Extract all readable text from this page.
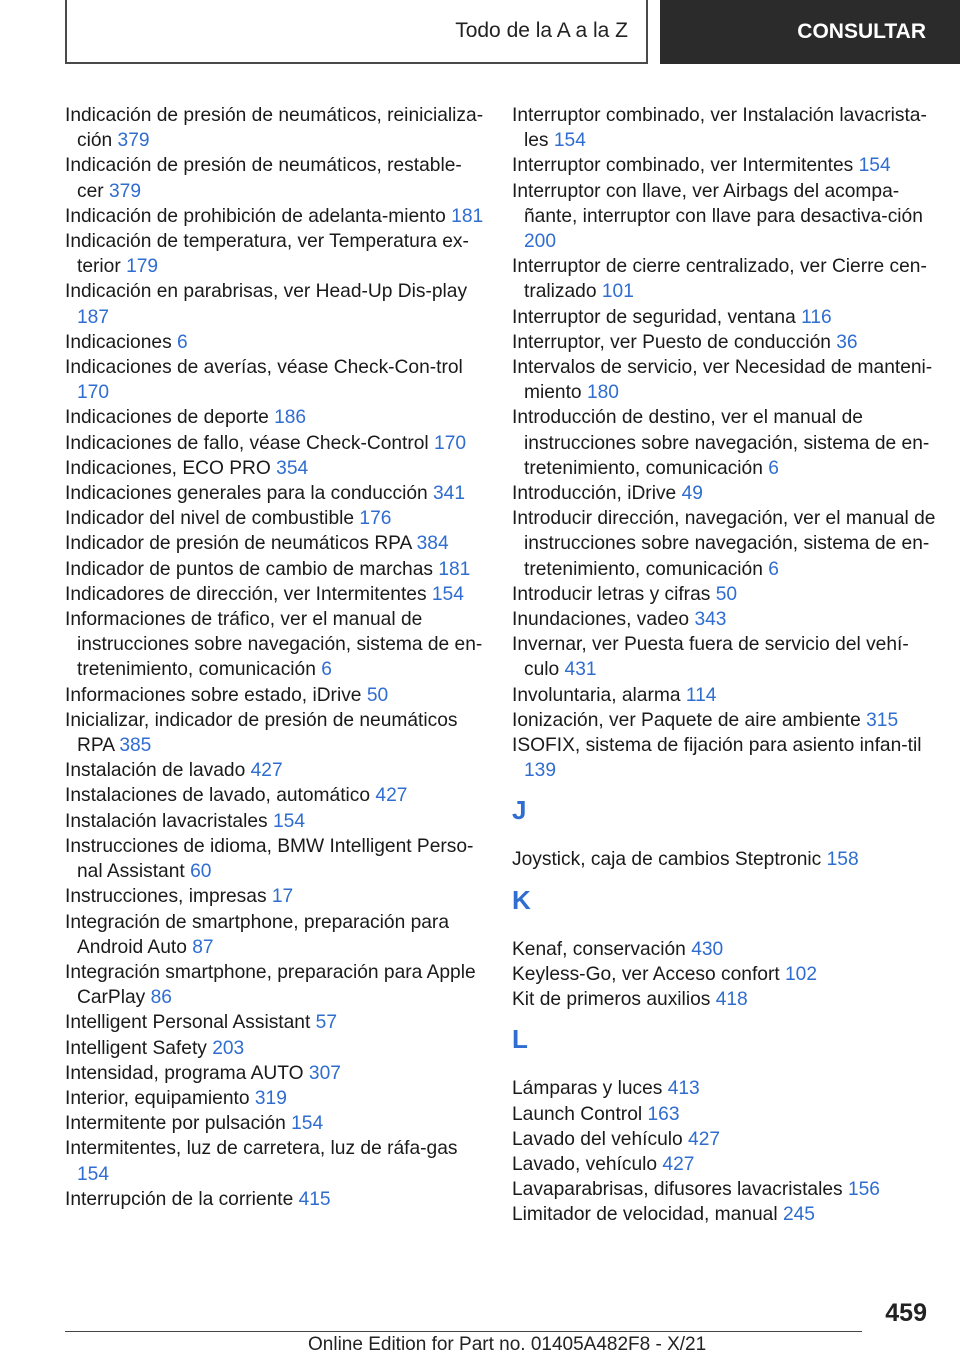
Todo de la A a la Z	CONSULTAR
Indicación de presión de neumáticos, reinicializa-ción 379
Indicación de presión de neumáticos, restable-cer 379
Indicación de prohibición de adelanta-miento 181
Indicación de temperatura, ver Temperatura ex-terior 179
Indicación en parabrisas, ver Head-Up Dis-play 187
Indicaciones 6
Indicaciones de averías, véase Check-Con-trol 170
Indicaciones de deporte 186
Indicaciones de fallo, véase Check-Control 170
Indicaciones, ECO PRO 354
Indicaciones generales para la conducción 341
Indicador del nivel de combustible 176
Indicador de presión de neumáticos RPA 384
Indicador de puntos de cambio de marchas 181
Indicadores de dirección, ver Intermitentes 154
Informaciones de tráfico, ver el manual de instrucciones sobre navegación, sistema de en-tretenimiento, comunicación 6
Informaciones sobre estado, iDrive 50
Inicializar, indicador de presión de neumáticos RPA 385
Instalación de lavado 427
Instalaciones de lavado, automático 427
Instalación lavacristales 154
Instrucciones de idioma, BMW Intelligent Perso-nal Assistant 60
Instrucciones, impresas 17
Integración de smartphone, preparación para Android Auto 87
Integración smartphone, preparación para Apple CarPlay 86
Intelligent Personal Assistant 57
Intelligent Safety 203
Intensidad, programa AUTO 307
Interior, equipamiento 319
Intermitente por pulsación 154
Intermitentes, luz de carretera, luz de ráfa-gas 154
Interrupción de la corriente 415
Interruptor combinado, ver Instalación lavacrista-les 154
Interruptor combinado, ver Intermitentes 154
Interruptor con llave, ver Airbags del acompa-ñante, interruptor con llave para desactiva-ción 200
Interruptor de cierre centralizado, ver Cierre cen-tralizado 101
Interruptor de seguridad, ventana 116
Interruptor, ver Puesto de conducción 36
Intervalos de servicio, ver Necesidad de manteni-miento 180
Introducción de destino, ver el manual de instrucciones sobre navegación, sistema de en-tretenimiento, comunicación 6
Introducción, iDrive 49
Introducir dirección, navegación, ver el manual de instrucciones sobre navegación, sistema de en-tretenimiento, comunicación 6
Introducir letras y cifras 50
Inundaciones, vadeo 343
Invernar, ver Puesta fuera de servicio del vehí-culo 431
Involuntaria, alarma 114
Ionización, ver Paquete de aire ambiente 315
ISOFIX, sistema de fijación para asiento infan-til 139
J
Joystick, caja de cambios Steptronic 158
K
Kenaf, conservación 430
Keyless-Go, ver Acceso confort 102
Kit de primeros auxilios 418
L
Lámparas y luces 413
Launch Control 163
Lavado del vehículo 427
Lavado, vehículo 427
Lavaparabrisas, difusores lavacristales 156
Limitador de velocidad, manual 245
459
Online Edition for Part no. 01405A482F8 - X/21
